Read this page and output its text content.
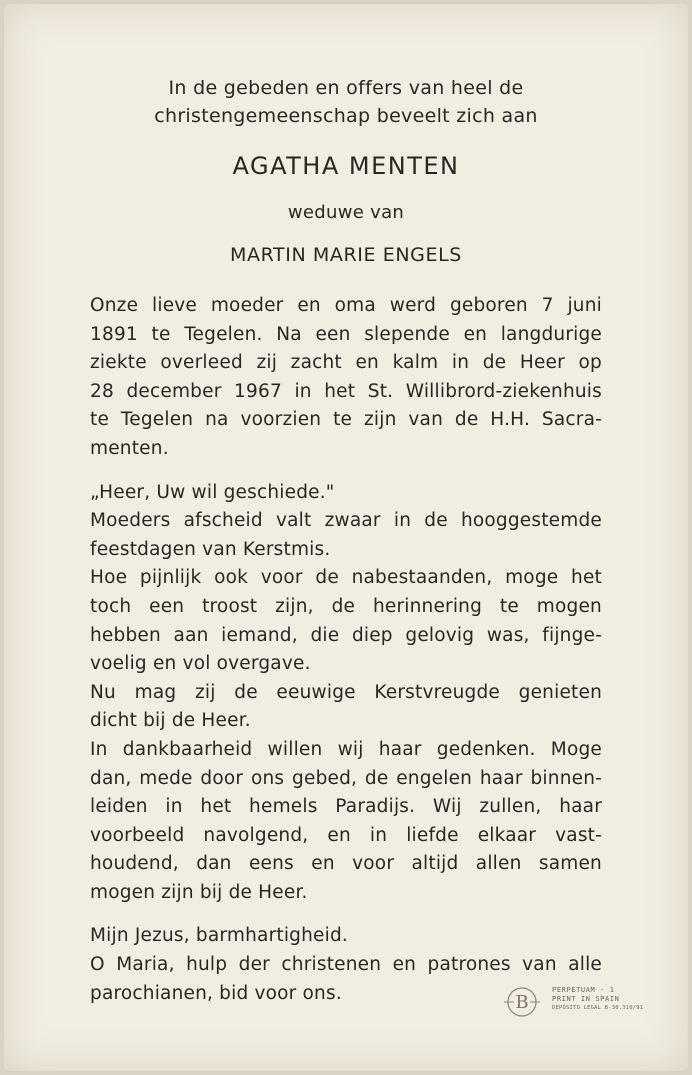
In de gebeden en offers van heel de
christengemeenschap beveelt zich aan
AGATHA MENTEN
weduwe van
MARTIN MARIE ENGELS
Onze lieve moeder en oma werd geboren 7 juni
1891 te Tegelen. Na een slepende en langdurige
ziekte overleed zij zacht en kalm in de Heer op
28 december 1967 in het St. Willibrord-ziekenhuis
te Tegelen na voorzien te zijn van de H.H. Sacra-
menten.
„Heer, Uw wil geschiede."
Moeders afscheid valt zwaar in de hooggestemde
feestdagen van Kerstmis.
Hoe pijnlijk ook voor de nabestaanden, moge het
toch een troost zijn, de herinnering te mogen
hebben aan iemand, die diep gelovig was, fijnge-
voelig en vol overgave.
Nu mag zij de eeuwige Kerstvreugde genieten
dicht bij de Heer.
In dankbaarheid willen wij haar gedenken. Moge
dan, mede door ons gebed, de engelen haar binnen-
leiden in het hemels Paradijs. Wij zullen, haar
voorbeeld navolgend, en in liefde elkaar vast-
houdend, dan eens en voor altijd allen samen
mogen zijn bij de Heer.
Mijn Jezus, barmhartigheid.
O Maria, hulp der christenen en patrones van alle
parochianen, bid voor ons.	B
PERPETUAM - 1
PRINT IN SPAIN
DEPÓSITO LEGAL B-30.310/91
